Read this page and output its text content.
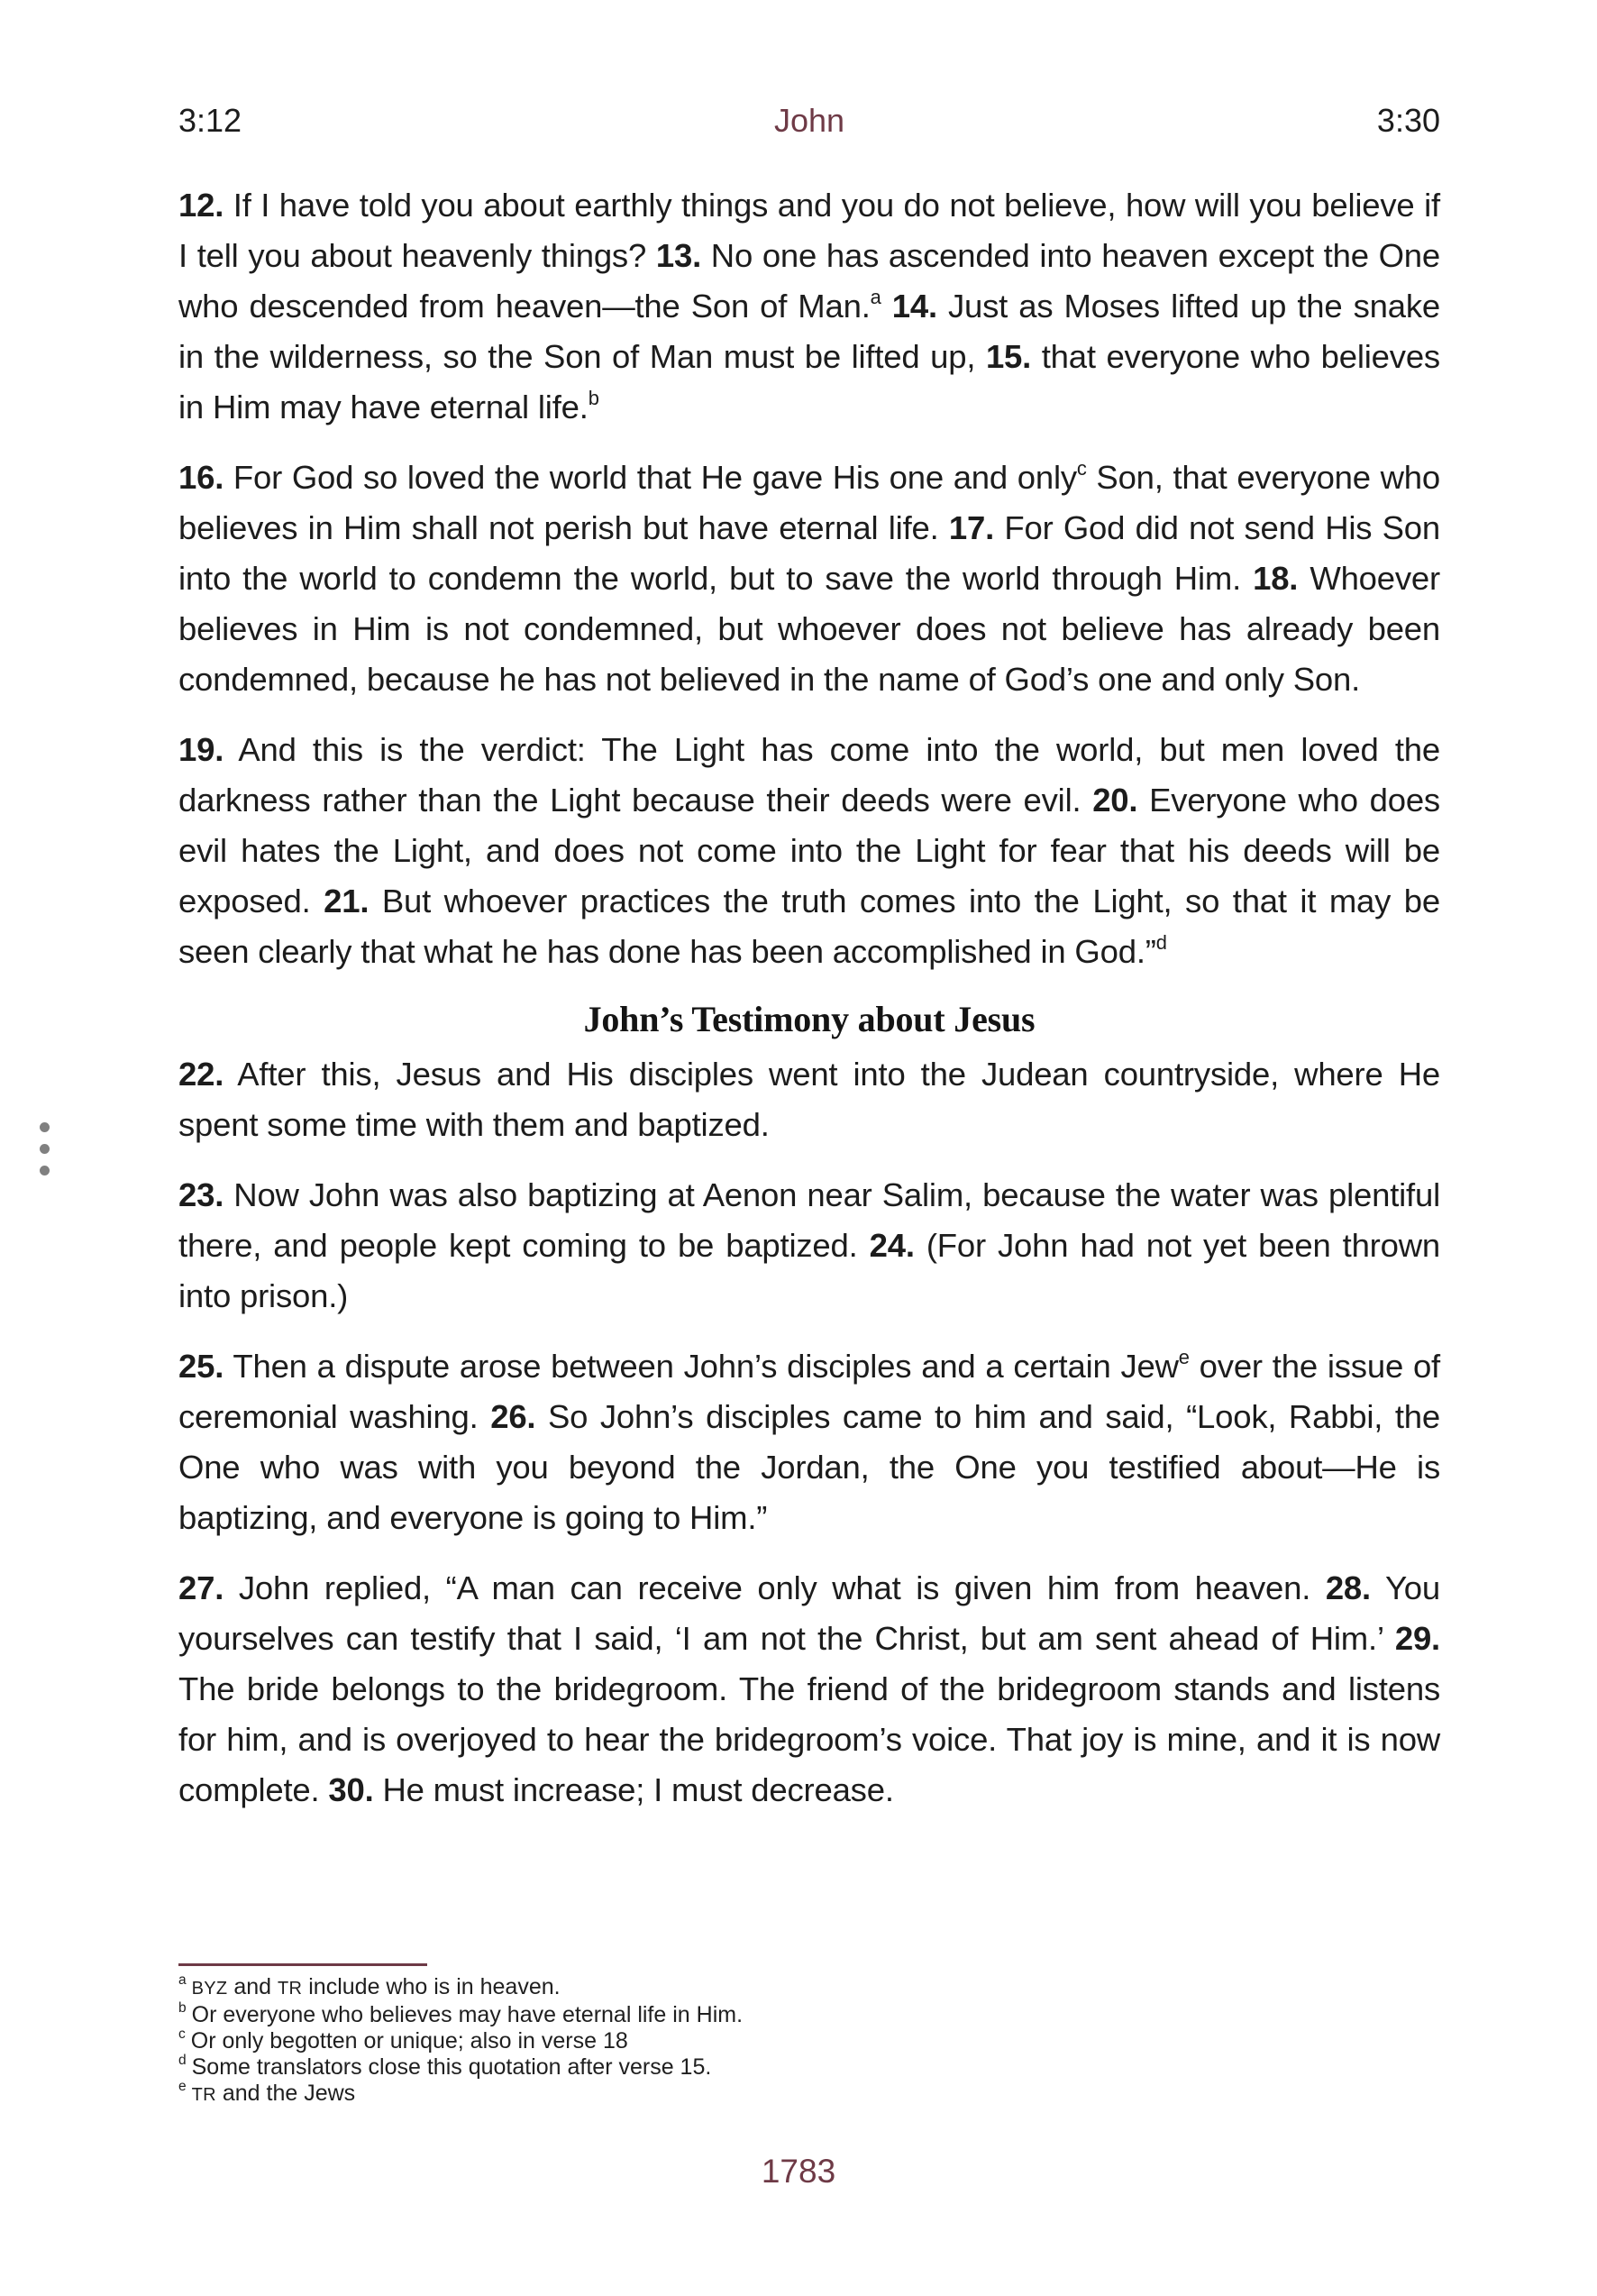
3:12	John	3:30

12. If I have told you about earthly things and you do not believe, how will you believe if I tell you about heavenly things? 13. No one has ascended into heaven except the One who descended from heaven—the Son of Man.$^a$ 14. Just as Moses lifted up the snake in the wilderness, so the Son of Man must be lifted up, 15. that everyone who believes in Him may have eternal life.$^b$

16. For God so loved the world that He gave His one and only$^c$ Son, that everyone who believes in Him shall not perish but have eternal life. 17. For God did not send His Son into the world to condemn the world, but to save the world through Him. 18. Whoever believes in Him is not condemned, but whoever does not believe has already been condemned, because he has not believed in the name of God’s one and only Son.

19. And this is the verdict: The Light has come into the world, but men loved the darkness rather than the Light because their deeds were evil. 20. Everyone who does evil hates the Light, and does not come into the Light for fear that his deeds will be exposed. 21. But whoever practices the truth comes into the Light, so that it may be seen clearly that what he has done has been accomplished in God.”$^d$

John’s Testimony about Jesus

22. After this, Jesus and His disciples went into the Judean countryside, where He spent some time with them and baptized.

23. Now John was also baptizing at Aenon near Salim, because the water was plentiful there, and people kept coming to be baptized. 24. (For John had not yet been thrown into prison.)

25. Then a dispute arose between John’s disciples and a certain Jew$^e$ over the issue of ceremonial washing. 26. So John’s disciples came to him and said, “Look, Rabbi, the One who was with you beyond the Jordan, the One you testified about—He is baptizing, and everyone is going to Him.”

27. John replied, “A man can receive only what is given him from heaven. 28. You yourselves can testify that I said, ‘I am not the Christ, but am sent ahead of Him.’ 29. The bride belongs to the bridegroom. The friend of the bridegroom stands and listens for him, and is overjoyed to hear the bridegroom’s voice. That joy is mine, and it is now complete. 30. He must increase; I must decrease.

$^a$ BYZ and TR include who is in heaven.

$^b$ Or everyone who believes may have eternal life in Him.

$^c$ Or only begotten or unique; also in verse 18

$^d$ Some translators close this quotation after verse 15.

$^e$ TR and the Jews

1783
